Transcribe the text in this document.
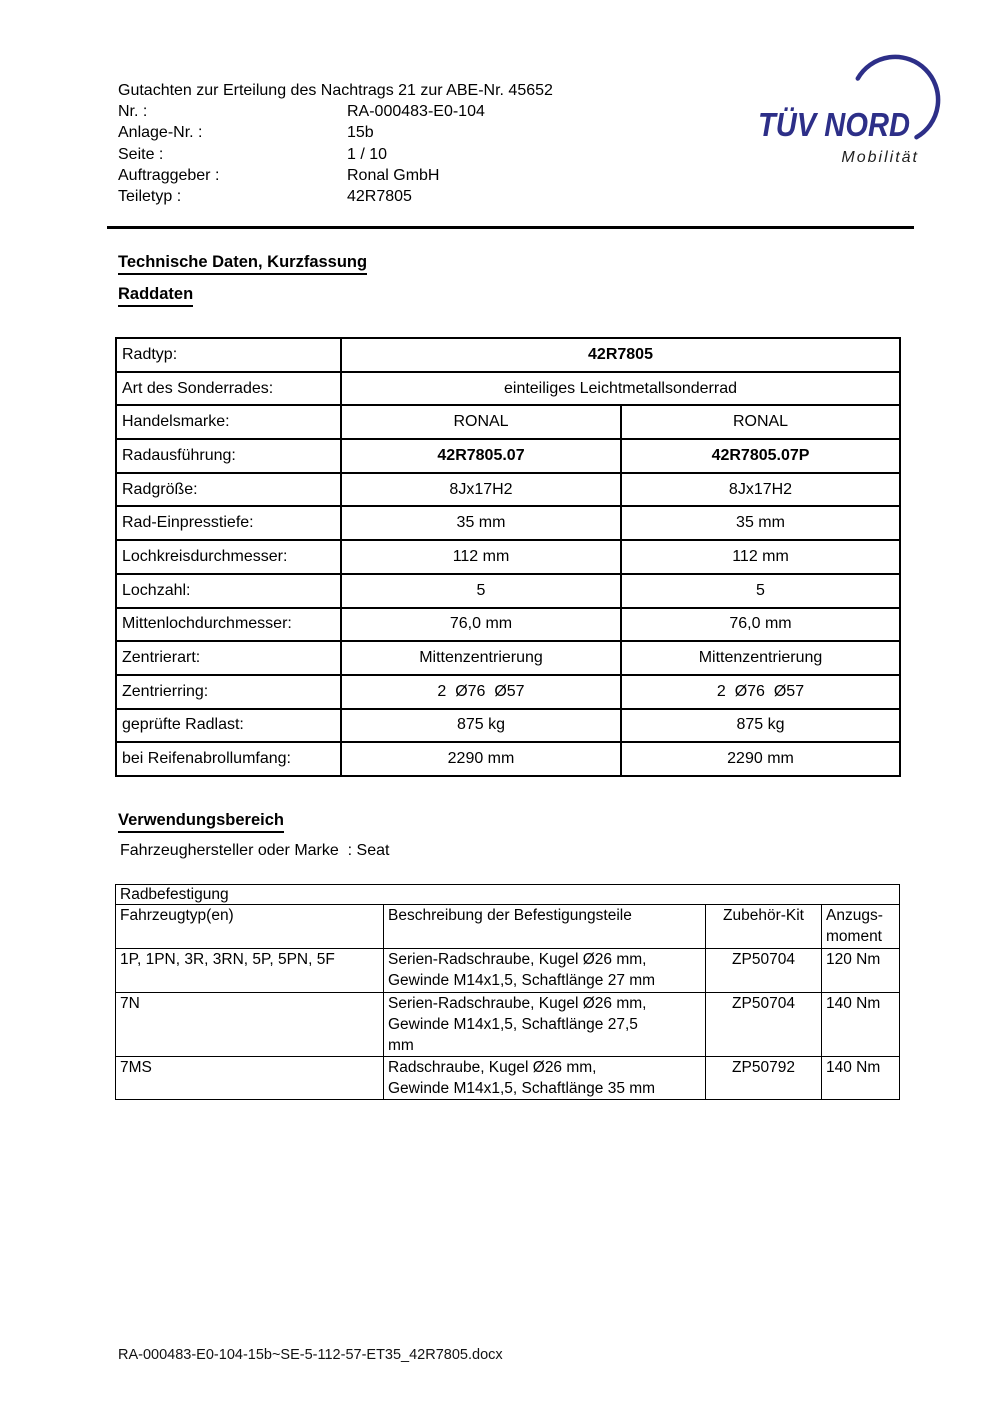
Gutachten zur Erteilung des Nachtrags 21 zur ABE-Nr. 45652
Nr. :	RA-000483-E0-104
Anlage-Nr. :	15b
Seite :	1 / 10
Auftraggeber :	Ronal GmbH
Teiletyp :	42R7805
TÜV NORD
Mobilität
Technische Daten, Kurzfassung
Raddaten
Radtyp:	42R7805	
Art des Sonderrades:	einteiliges Leichtmetallsonderrad	
Handelsmarke:	RONAL	RONAL
Radausführung:	42R7805.07	42R7805.07P
Radgröße:	8Jx17H2	8Jx17H2
Rad-Einpresstiefe:	35 mm	35 mm
Lochkreisdurchmesser:	112 mm	112 mm
Lochzahl:	5	5
Mittenlochdurchmesser:	76,0 mm	76,0 mm
Zentrierart:	Mittenzentrierung	Mittenzentrierung
Zentrierring:	2  Ø76  Ø57	2  Ø76  Ø57
geprüfte Radlast:	875 kg	875 kg
bei Reifenabrollumfang:	2290 mm	2290 mm
Verwendungsbereich
Fahrzeughersteller oder Marke  : Seat
Radbefestigung			
Fahrzeugtyp(en)	Beschreibung der Befestigungsteile	Zubehör-Kit	Anzugs-moment
1P, 1PN, 3R, 3RN, 5P, 5PN, 5F	Serien-Radschraube, Kugel Ø26 mm, Gewinde M14x1,5, Schaftlänge 27 mm	ZP50704	120 Nm
7N	Serien-Radschraube, Kugel Ø26 mm, Gewinde M14x1,5, Schaftlänge 27,5 mm	ZP50704	140 Nm
7MS	Radschraube, Kugel Ø26 mm, Gewinde M14x1,5, Schaftlänge 35 mm	ZP50792	140 Nm
RA-000483-E0-104-15b~SE-5-112-57-ET35_42R7805.docx
